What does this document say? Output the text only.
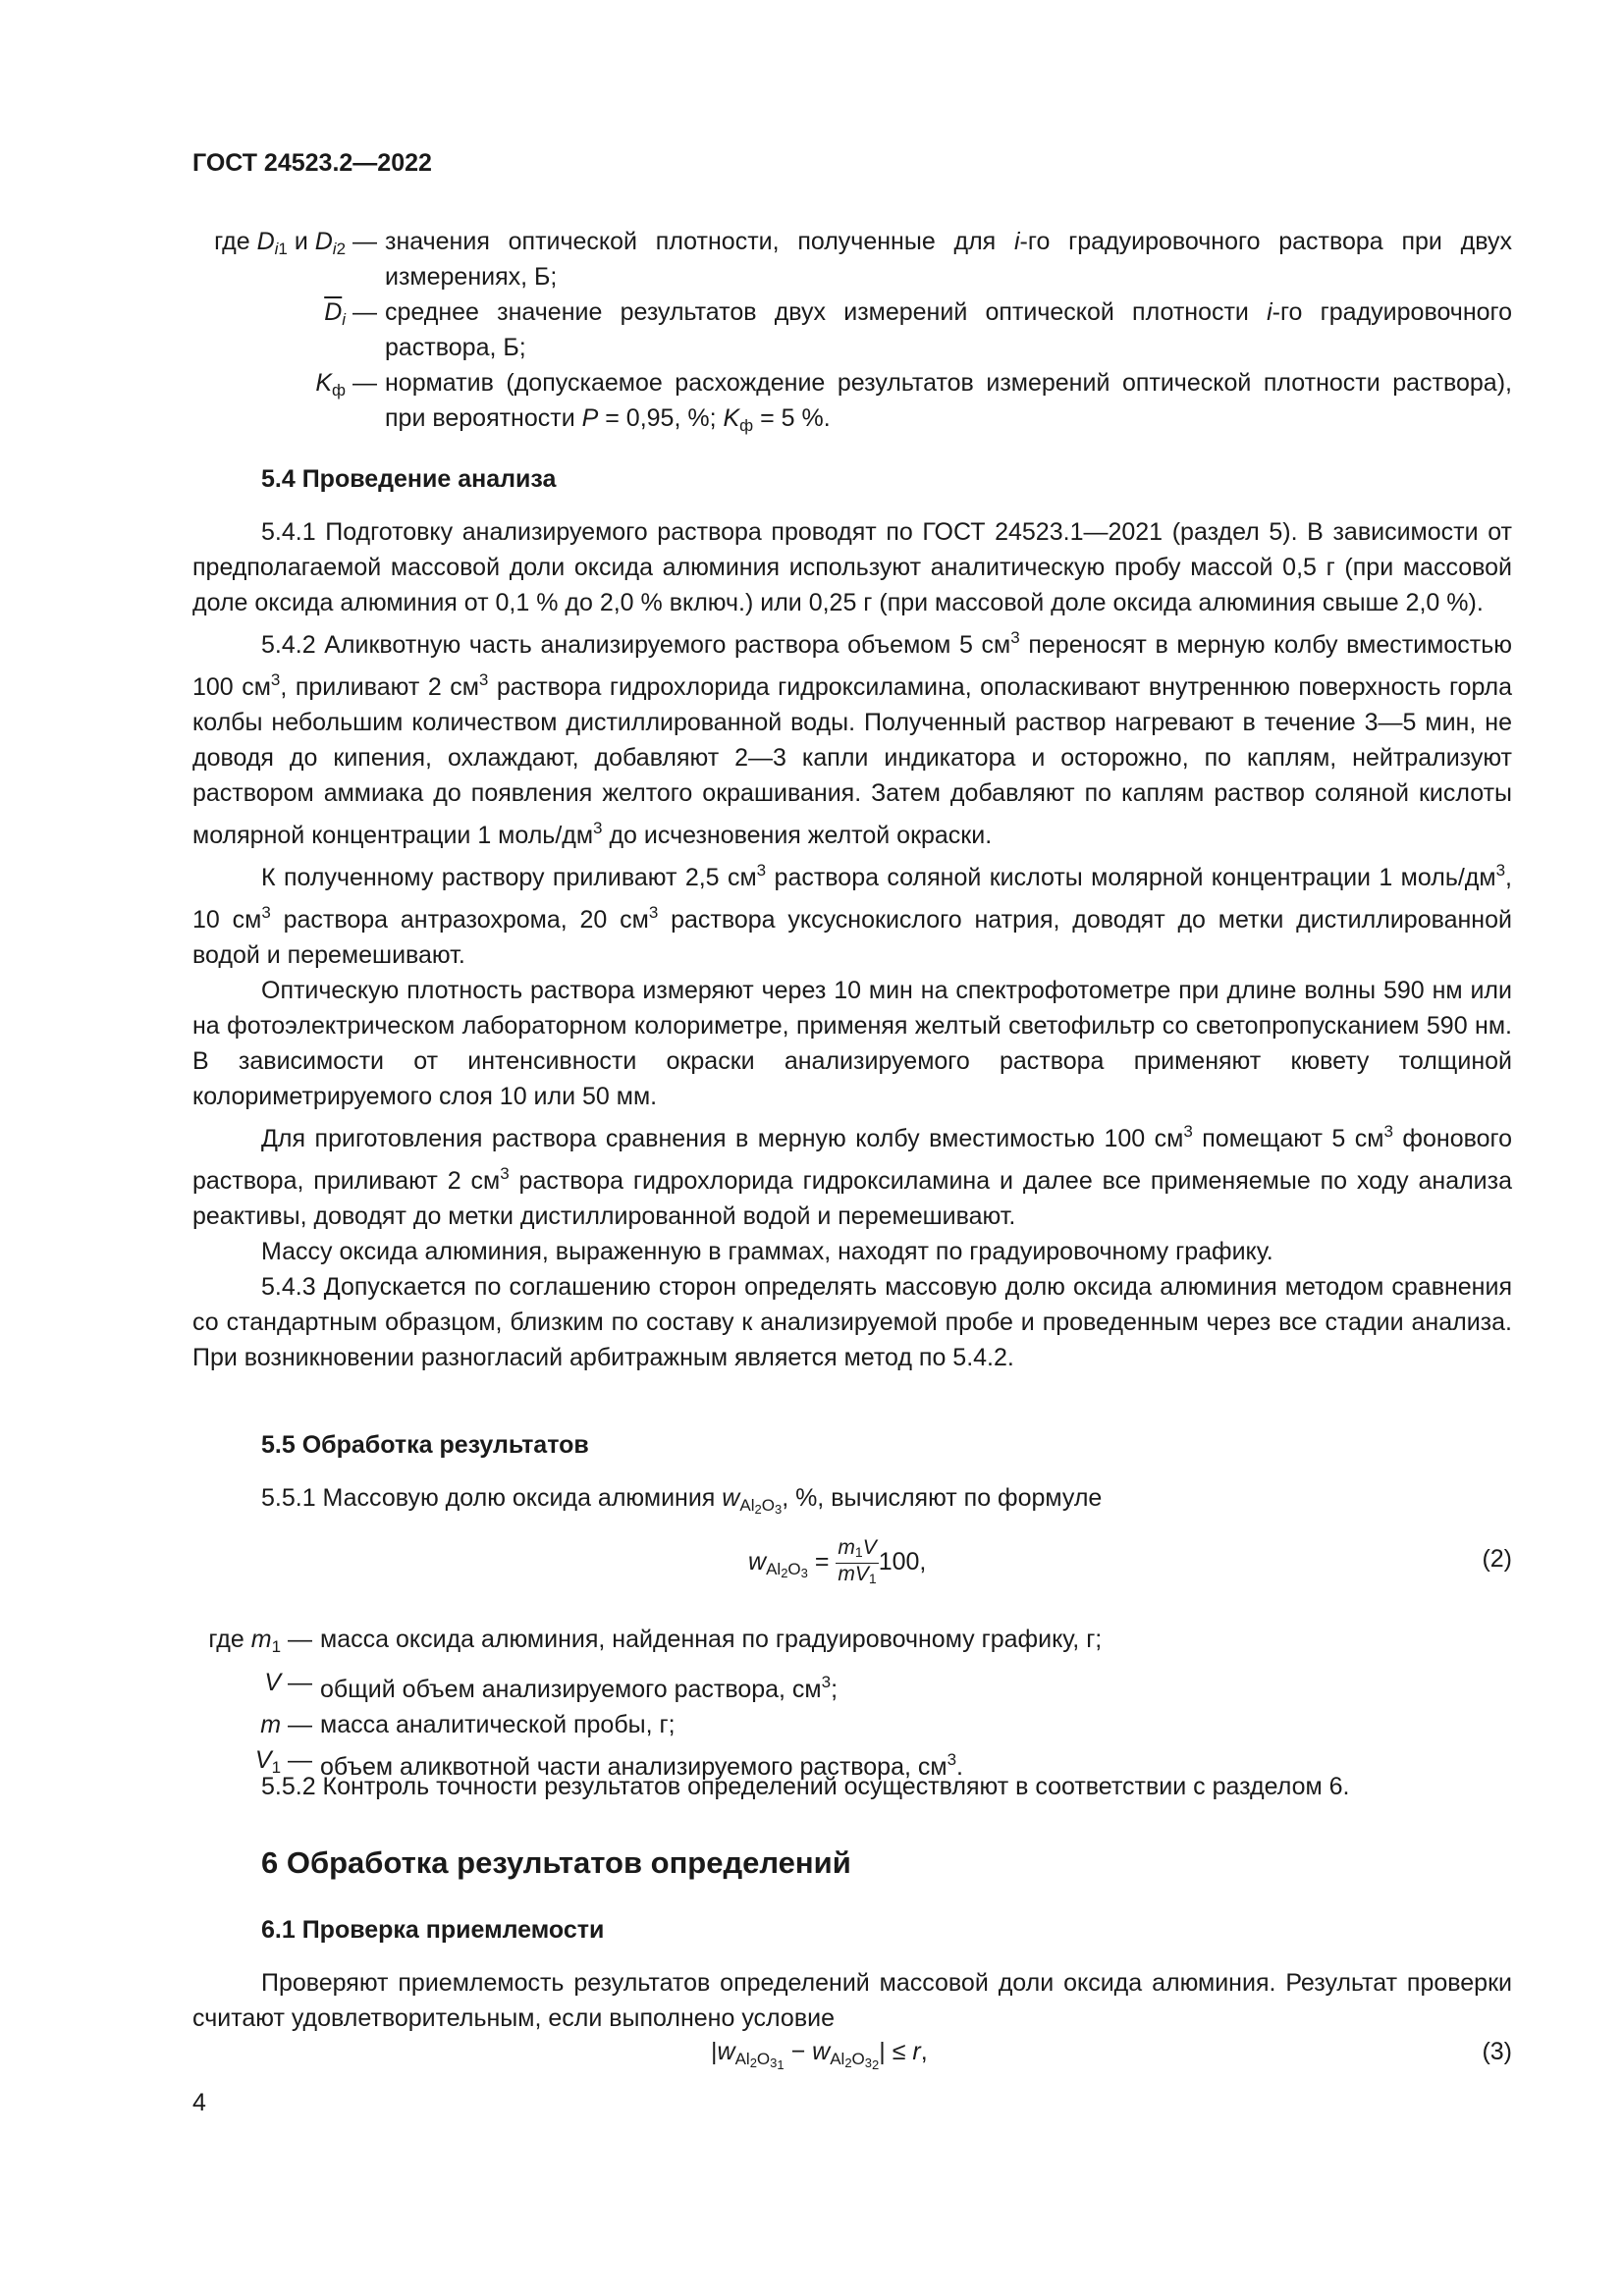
ГОСТ 24523.2—2022
где $D_{i1}$ и $D_{i2}$ — значения оптической плотности, полученные для i-го градуировочного раствора при двух измерениях, Б;
$\overline{D}_i$ — среднее значение результатов двух измерений оптической плотности i-го градуировочного раствора, Б;
$K_ф$ — норматив (допускаемое расхождение результатов измерений оптической плотности раствора), при вероятности P = 0,95, %; $K_ф = 5$ %.

5.4 Проведение анализа

5.4.1 Подготовку анализируемого раствора проводят по ГОСТ 24523.1—2021 (раздел 5). В зависимости от предполагаемой массовой доли оксида алюминия используют аналитическую пробу массой 0,5 г (при массовой доле оксида алюминия от 0,1 % до 2,0 % включ.) или 0,25 г (при массовой доле оксида алюминия свыше 2,0 %).

5.4.2 Аликвотную часть анализируемого раствора объемом 5 $см^3$ переносят в мерную колбу вместимостью 100 $см^3$, приливают 2 $см^3$ раствора гидрохлорида гидроксиламина, ополаскивают внутреннюю поверхность горла колбы небольшим количеством дистиллированной воды. Полученный раствор нагревают в течение 3—5 мин, не доводя до кипения, охлаждают, добавляют 2—3 капли индикатора и осторожно, по каплям, нейтрализуют раствором аммиака до появления желтого окрашивания. Затем добавляют по каплям раствор соляной кислоты молярной концентрации 1 моль/$дм^3$ до исчезновения желтой окраски.

К полученному раствору приливают 2,5 $см^3$ раствора соляной кислоты молярной концентрации 1 моль/$дм^3$, 10 $см^3$ раствора антразохрома, 20 $см^3$ раствора уксуснокислого натрия, доводят до метки дистиллированной водой и перемешивают.

Оптическую плотность раствора измеряют через 10 мин на спектрофотометре при длине волны 590 нм или на фотоэлектрическом лабораторном колориметре, применяя желтый светофильтр со светопропусканием 590 нм. В зависимости от интенсивности окраски анализируемого раствора применяют кювету толщиной колориметрируемого слоя 10 или 50 мм.

Для приготовления раствора сравнения в мерную колбу вместимостью 100 $см^3$ помещают 5 $см^3$ фонового раствора, приливают 2 $см^3$ раствора гидрохлорида гидроксиламина и далее все применяемые по ходу анализа реактивы, доводят до метки дистиллированной водой и перемешивают.

Массу оксида алюминия, выраженную в граммах, находят по градуировочному графику.

5.4.3 Допускается по соглашению сторон определять массовую долю оксида алюминия методом сравнения со стандартным образцом, близким по составу к анализируемой пробе и проведенным через все стадии анализа. При возникновении разногласий арбитражным является метод по 5.4.2.

5.5 Обработка результатов

5.5.1 Массовую долю оксида алюминия $w_{Al2O3}$, %, вычисляют по формуле

$w_{Al2O3} = \frac{m1V}{mV1} 100$,	(2)
где $m_1$ — масса оксида алюминия, найденная по градуировочному графику, г;
V — общий объем анализируемого раствора, $см^3$;
m — масса аналитической пробы, г;
$V_1$ — объем аликвотной части анализируемого раствора, $см^3$.

5.5.2 Контроль точности результатов определений осуществляют в соответствии с разделом 6.

6 Обработка результатов определений

6.1 Проверка приемлемости

Проверяют приемлемость результатов определений массовой доли оксида алюминия. Результат проверки считают удовлетворительным, если выполнено условие

$|w_{Al2O3_1} - w_{Al2O3_2}| \le r$,	(3)
4
